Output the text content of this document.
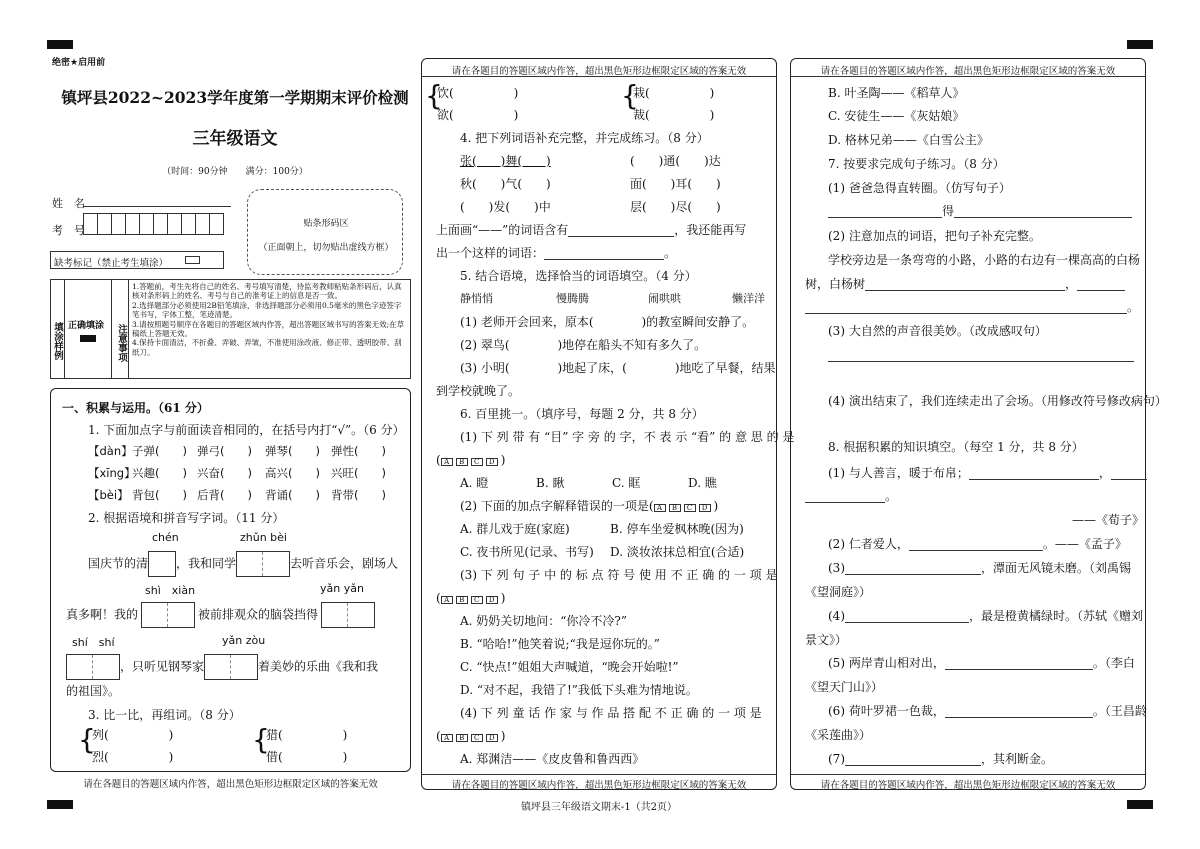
绝密★启用前
镇坪县2022~2023学年度第一学期期末评价检测
三年级语文
（时间：90分钟　　满分：100分）
姓　名
考　号	贴条形码区
（正面朝上，切勿贴出虚线方框）
缺考标记（禁止考生填涂）
填涂样例 正确填涂	注意事项
1.答题前，考生先将自己的姓名、考号填写清楚，待监考教师粘贴条形码后，认真核对条形码上的姓名、考号与自己的准考证上的信息是否一致。
2.选择题部分必须使用2B铅笔填涂，非选择题部分必须用0.5毫米的黑色字迹签字笔书写，字体工整，笔迹清楚。
3.请按照题号顺序在各题目的答题区域内作答，超出答题区域书写的答案无效;在草稿纸上答题无效。
4.保持卡面清洁，不折叠、弄破、弄皱，不准使用涂改液、修正带、透明胶带、刮纸刀。
请在各题目的答题区域内作答，超出黑色矩形边框限定区域的答案无效
一、积累与运用。（61 分）
1. 下面加点字与前面读音相同的，在括号内打“√”。（6 分）
【dàn】子弹(　　) 弹弓(　　) 弹琴(　　) 弹性(　　)
【xīng】兴趣(　　) 兴奋(　　) 高兴(　　) 兴旺(　　)
【bèi】 背包(　　) 后背(　　) 背诵(　　) 背带(　　)
2. 根据语境和拼音写字词。（11 分）
chén	zhǔn bèi
国庆节的清 ，我和同学	去听音乐会，剧场人
shì　xiàn	yǎn yǎn
真多啊！我的	被前排观众的脑袋挡得
shí　shí	yǎn zòu
，只听见钢琴家	着美妙的乐曲《我和我
的祖国》。
3. 比一比，再组词。（8 分）
{
列(　　　　　)
烈(　　　　　)
{
猎(　　　　　)
借(　　　　　)
请在各题目的答题区域内作答，超出黑色矩形边框限定区域的答案无效
请在各题目的答题区域内作答，超出黑色矩形边框限定区域的答案无效
{
饮(　　　　　)
欲(　　　　　)
{
栽(　　　　　)
裁(　　　　　)
4. 把下列词语补充完整，并完成练习。（8 分）
张(　　)舞(　　)	(　　)通(　　)达
秋(　　)气(　　)	面(　　)耳(　　)
(　　)发(　　)中	层(　　)尽(　　)
上面画“——”的词语含有	，我还能再写
出一个这样的词语：	。
5. 结合语境，选择恰当的词语填空。（4 分）
静悄悄	慢腾腾	闹哄哄	懒洋洋
(1) 老师开会回来，原本(　　　　)的教室瞬间安静了。
(2) 翠鸟(　　　　)地停在船头不知有多久了。
(3) 小明(　　　　)地起了床，(　　　　)地吃了早餐，结果
到学校就晚了。
6. 百里挑一。（填序号，每题 2 分，共 8 分）
(1) 下 列 带 有 “目” 字 旁 的 字，不 表 示 “看” 的 意 思 的 是
( A B C D )
A. 瞪	B. 瞅	C. 眶	D. 瞧
(2) 下面的加点字解释错误的一项是( A B C D )
A. 群儿戏于庭(家庭)	B. 停车坐爱枫林晚(因为)
C. 夜书所见(记录、书写) D. 淡妆浓抹总相宜(合适)
(3) 下 列 句 子 中 的 标 点 符 号 使 用 不 正 确 的 一 项 是
( A B C D )
A. 奶奶关切地问：“你冷不冷?”
B. “哈哈!”他笑着说;“我是逗你玩的。”
C. “快点!”姐姐大声喊道，“晚会开始啦!”
D. “对不起，我错了!”我低下头难为情地说。
(4) 下 列 童 话 作 家 与 作 品 搭 配 不 正 确 的 一 项 是
( A B C D )
A. 郑渊洁——《皮皮鲁和鲁西西》
请在各题目的答题区域内作答，超出黑色矩形边框限定区域的答案无效
请在各题目的答题区域内作答，超出黑色矩形边框限定区域的答案无效
B. 叶圣陶——《稻草人》
C. 安徒生——《灰姑娘》
D. 格林兄弟——《白雪公主》
7. 按要求完成句子练习。（8 分）
(1) 爸爸急得直转圈。（仿写句子）
得
(2) 注意加点的词语，把句子补充完整。
学校旁边是一条弯弯的小路，小路的右边有一棵高高的白杨
树，白杨树	，
。
(3) 大自然的声音很美妙。（改成感叹句）
(4) 演出结束了，我们连续走出了会场。（用修改符号修改病句）
8. 根据积累的知识填空。（每空 1 分，共 8 分）
(1) 与人善言，暖于布帛；	，
。
——《荀子》
(2) 仁者爱人，	。——《孟子》
(3)	，潭面无风镜未磨。（刘禹锡
《望洞庭》）
(4)	，最是橙黄橘绿时。（苏轼《赠刘
景文》）
(5) 两岸青山相对出，	。（李白
《望天门山》）
(6) 荷叶罗裙一色裁，	。（王昌龄
《采莲曲》）
(7)	，其利断金。
镇坪县三年级语文期末-1（共2页）
